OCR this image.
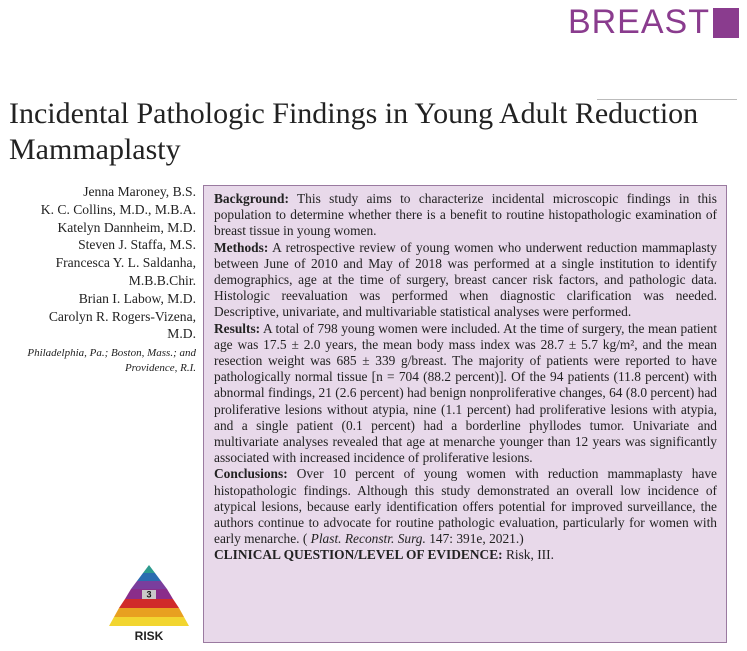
BREAST
Incidental Pathologic Findings in Young Adult Reduction Mammaplasty
Jenna Maroney, B.S.
K. C. Collins, M.D., M.B.A.
Katelyn Dannheim, M.D.
Steven J. Staffa, M.S.
Francesca Y. L. Saldanha,
M.B.B.Chir.
Brian I. Labow, M.D.
Carolyn R. Rogers-Vizena,
M.D.
Philadelphia, Pa.; Boston, Mass.; and Providence, R.I.

Background: This study aims to characterize incidental microscopic findings in this population to determine whether there is a benefit to routine histopathologic examination of breast tissue in young women.

Methods: A retrospective review of young women who underwent reduction mammaplasty between June of 2010 and May of 2018 was performed at a single institution to identify demographics, age at the time of surgery, breast cancer risk factors, and pathologic data. Histologic reevaluation was performed when diagnostic clarification was needed. Descriptive, univariate, and multivariable statistical analyses were performed.

Results: A total of 798 young women were included. At the time of surgery, the mean patient age was 17.5 ± 2.0 years, the mean body mass index was 28.7 ± 5.7 kg/m², and the mean resection weight was 685 ± 339 g/breast. The majority of patients were reported to have pathologically normal tissue [n = 704 (88.2 percent)]. Of the 94 patients (11.8 percent) with abnormal findings, 21 (2.6 percent) had benign nonproliferative changes, 64 (8.0 percent) had proliferative lesions without atypia, nine (1.1 percent) had proliferative lesions with atypia, and a single patient (0.1 percent) had a borderline phyllodes tumor. Univariate and multivariate analyses revealed that age at menarche younger than 12 years was significantly associated with increased incidence of proliferative lesions.

Conclusions: Over 10 percent of young women with reduction mammaplasty have histopathologic findings. Although this study demonstrated an overall low incidence of atypical lesions, because early identification offers potential for improved surveillance, the authors continue to advocate for routine pathologic evaluation, particularly for women with early menarche. ( Plast. Reconstr. Surg. 147: 391e, 2021.)

CLINICAL QUESTION/LEVEL OF EVIDENCE: Risk, III.

3
RISK
